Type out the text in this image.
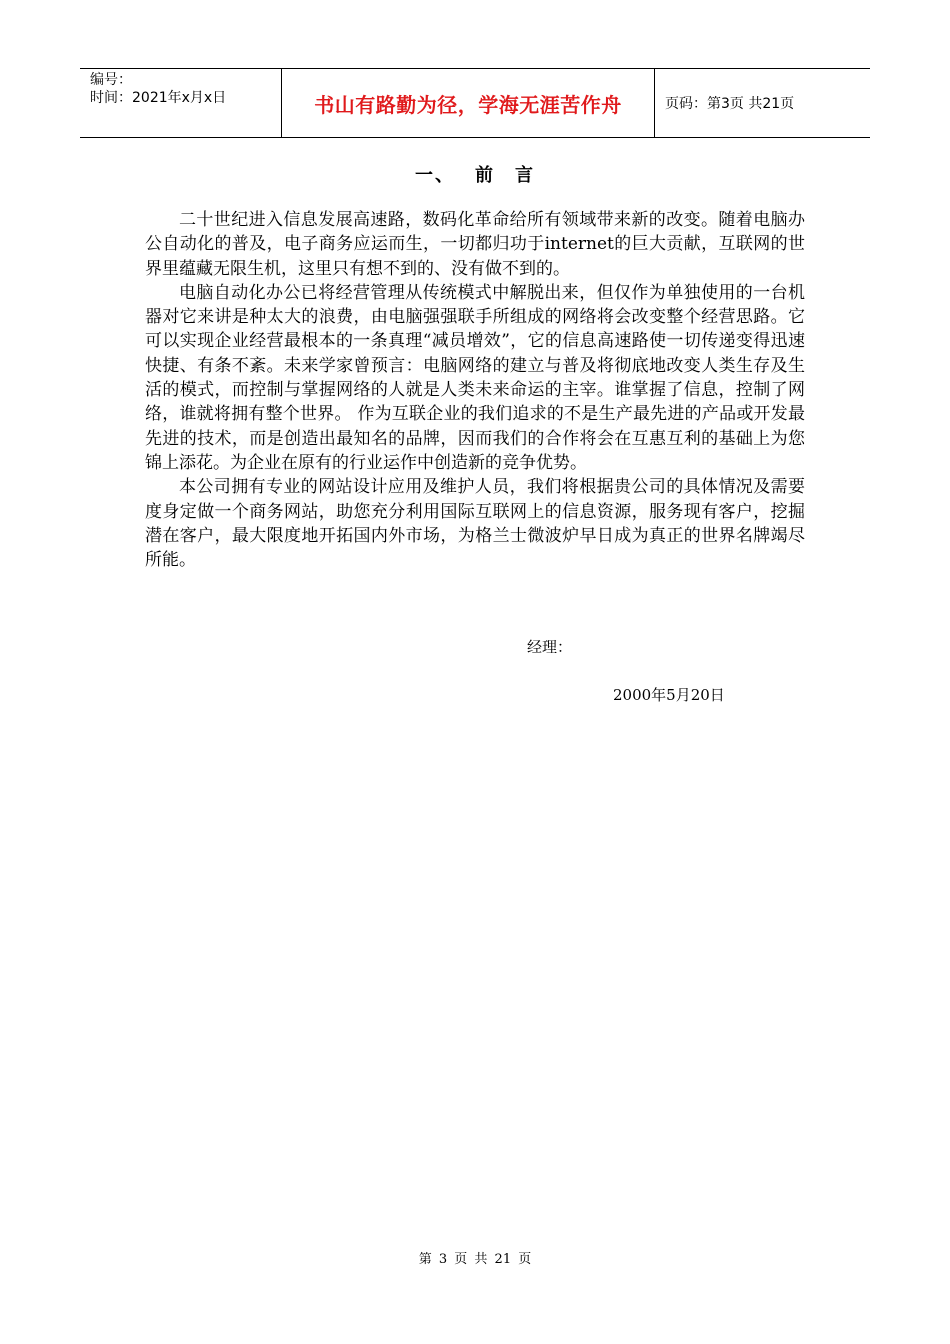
编号：
时间：2021年x月x日	书山有路勤为径，学海无涯苦作舟	页码：第3页 共21页
一、 前 言

二十世纪进入信息发展高速路，数码化革命给所有领域带来新的改变。随着电脑办公自动化的普及，电子商务应运而生，一切都归功于internet的巨大贡献，互联网的世界里蕴藏无限生机，这里只有想不到的、没有做不到的。

电脑自动化办公已将经营管理从传统模式中解脱出来，但仅作为单独使用的一台机器对它来讲是种太大的浪费，由电脑强强联手所组成的网络将会改变整个经营思路。它可以实现企业经营最根本的一条真理“减员增效”，它的信息高速路使一切传递变得迅速快捷、有条不紊。未来学家曾预言：电脑网络的建立与普及将彻底地改变人类生存及生活的模式，而控制与掌握网络的人就是人类未来命运的主宰。谁掌握了信息，控制了网络，谁就将拥有整个世界。 作为互联企业的我们追求的不是生产最先进的产品或开发最先进的技术，而是创造出最知名的品牌，因而我们的合作将会在互惠互利的基础上为您锦上添花。为企业在原有的行业运作中创造新的竞争优势。

本公司拥有专业的网站设计应用及维护人员，我们将根据贵公司的具体情况及需要度身定做一个商务网站，助您充分利用国际互联网上的信息资源，服务现有客户，挖掘潜在客户，最大限度地开拓国内外市场，为格兰士微波炉早日成为真正的世界名牌竭尽所能。

经理：
2000年5月20日
第 3 页 共 21 页
